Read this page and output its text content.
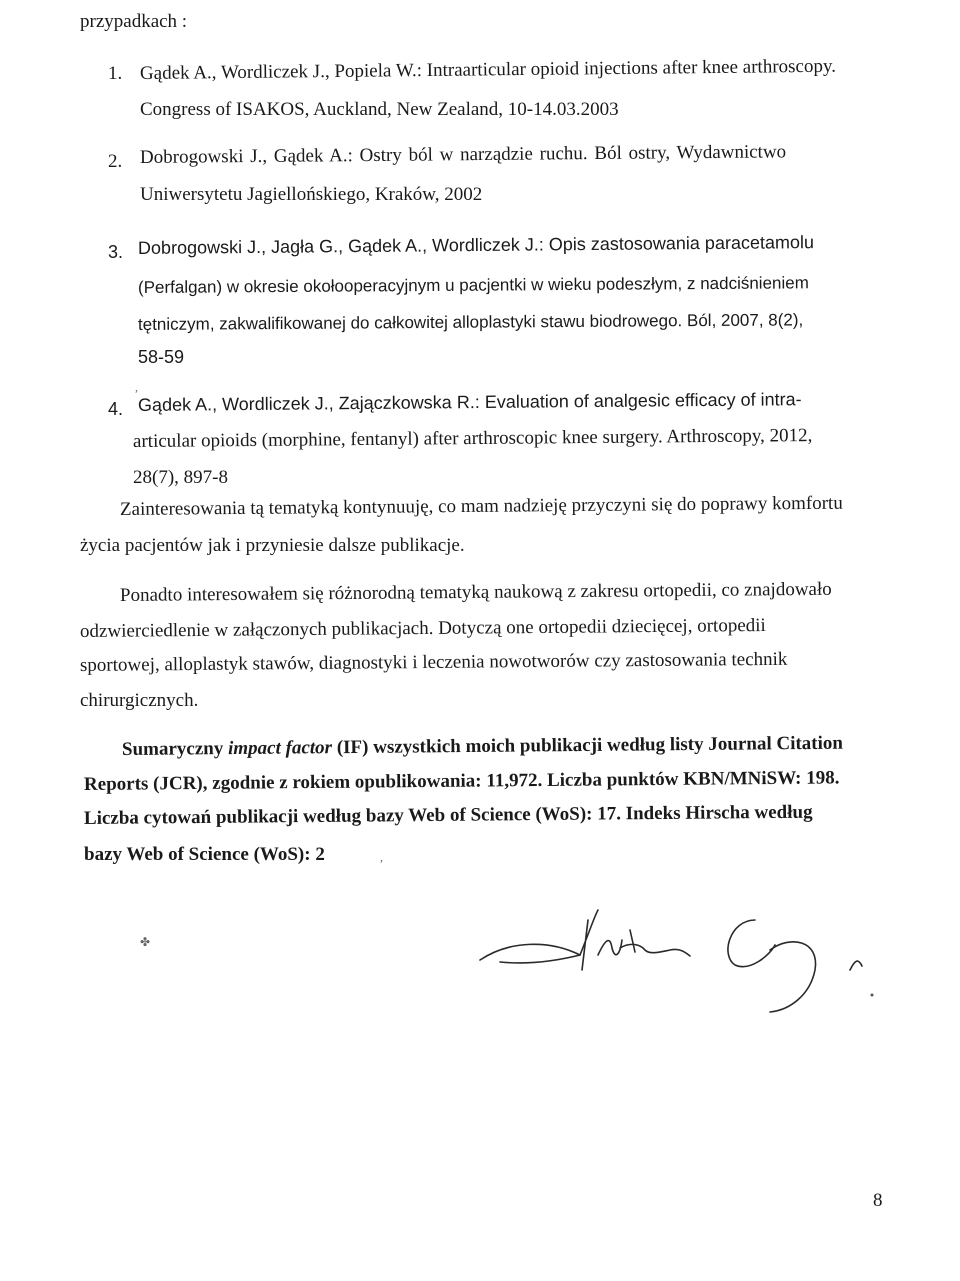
przypadkach :
1. Gądek A., Wordliczek J., Popiela W.: Intraarticular opioid injections after knee arthroscopy.
Congress of ISAKOS, Auckland, New Zealand, 10-14.03.2003
2. Dobrogowski J., Gądek A.: Ostry ból w narządzie ruchu. Ból ostry, Wydawnictwo
Uniwersytetu Jagiellońskiego, Kraków, 2002
3. Dobrogowski J., Jagła G., Gądek A., Wordliczek J.: Opis zastosowania paracetamolu
(Perfalgan) w okresie okołooperacyjnym u pacjentki w wieku podeszłym, z nadciśnieniem
tętniczym, zakwalifikowanej do całkowitej alloplastyki stawu biodrowego. Ból, 2007, 8(2),
58-59
4. Gądek A., Wordliczek J., Zajączkowska R.: Evaluation of analgesic efficacy of intra-
articular opioids (morphine, fentanyl) after arthroscopic knee surgery. Arthroscopy, 2012,
28(7), 897-8
Zainteresowania tą tematyką kontynuuję, co mam nadzieję przyczyni się do poprawy komfortu
życia pacjentów jak i przyniesie dalsze publikacje.
Ponadto interesowałem się różnorodną tematyką naukową z zakresu ortopedii, co znajdowało
odzwierciedlenie w załączonych publikacjach. Dotyczą one ortopedii dziecięcej, ortopedii
sportowej, alloplastyk stawów, diagnostyki i leczenia nowotworów czy zastosowania technik
chirurgicznych.
Sumaryczny impact factor (IF) wszystkich moich publikacji według listy Journal Citation
Reports (JCR), zgodnie z rokiem opublikowania: 11,972. Liczba punktów KBN/MNiSW: 198.
Liczba cytowań publikacji według bazy Web of Science (WoS): 17. Indeks Hirscha według
bazy Web of Science (WoS): 2
✤
,
,
8
